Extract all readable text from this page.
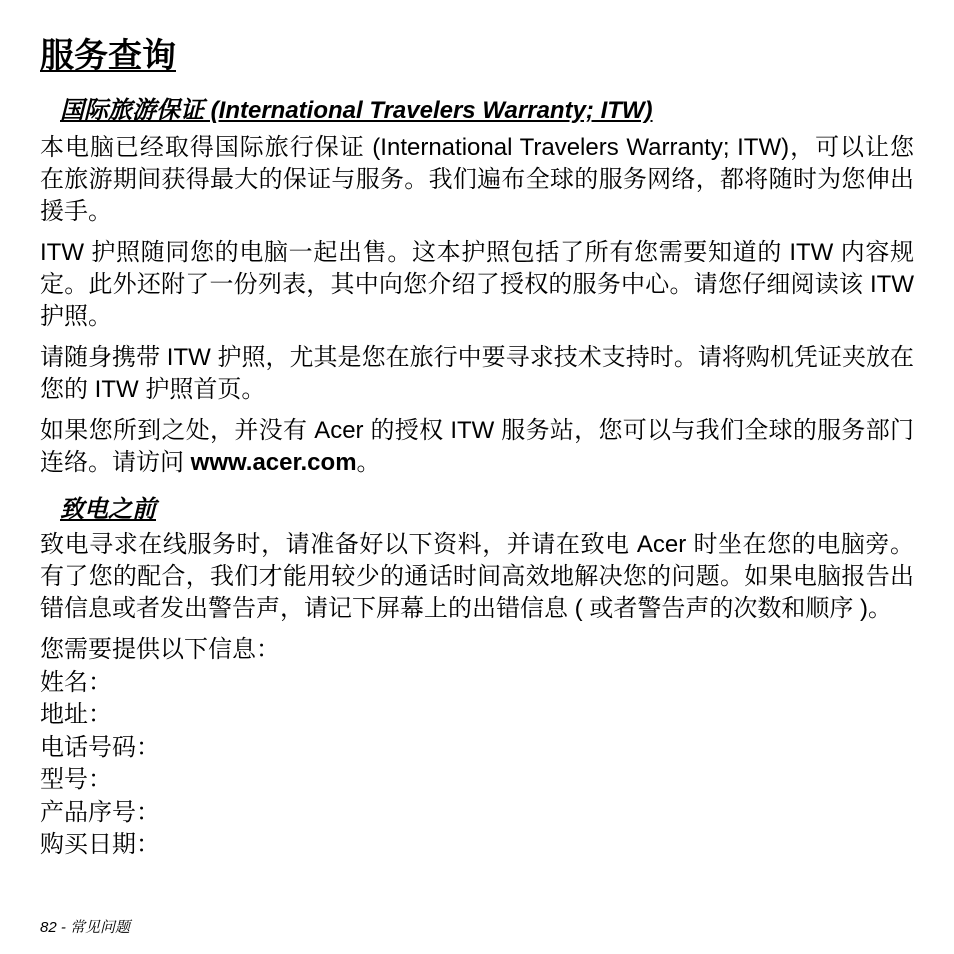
服务查询
国际旅游保证 (International Travelers Warranty; ITW)

本电脑已经取得国际旅行保证 (International Travelers Warranty; ITW)，可以让您在旅游期间获得最大的保证与服务。我们遍布全球的服务网络，都将随时为您伸出援手。

ITW 护照随同您的电脑一起出售。这本护照包括了所有您需要知道的 ITW 内容规定。此外还附了一份列表，其中向您介绍了授权的服务中心。请您仔细阅读该 ITW 护照。

请随身携带 ITW 护照，尤其是您在旅行中要寻求技术支持时。请将购机凭证夹放在您的 ITW 护照首页。

如果您所到之处，并没有 Acer 的授权 ITW 服务站，您可以与我们全球的服务部门连络。请访问 www.acer.com。

致电之前

致电寻求在线服务时，请准备好以下资料，并请在致电 Acer 时坐在您的电脑旁。有了您的配合，我们才能用较少的通话时间高效地解决您的问题。如果电脑报告出错信息或者发出警告声，请记下屏幕上的出错信息 ( 或者警告声的次数和顺序 )。

您需要提供以下信息：
姓名：
地址：
电话号码：
型号：
产品序号：
购买日期：
82 - 常见问题
